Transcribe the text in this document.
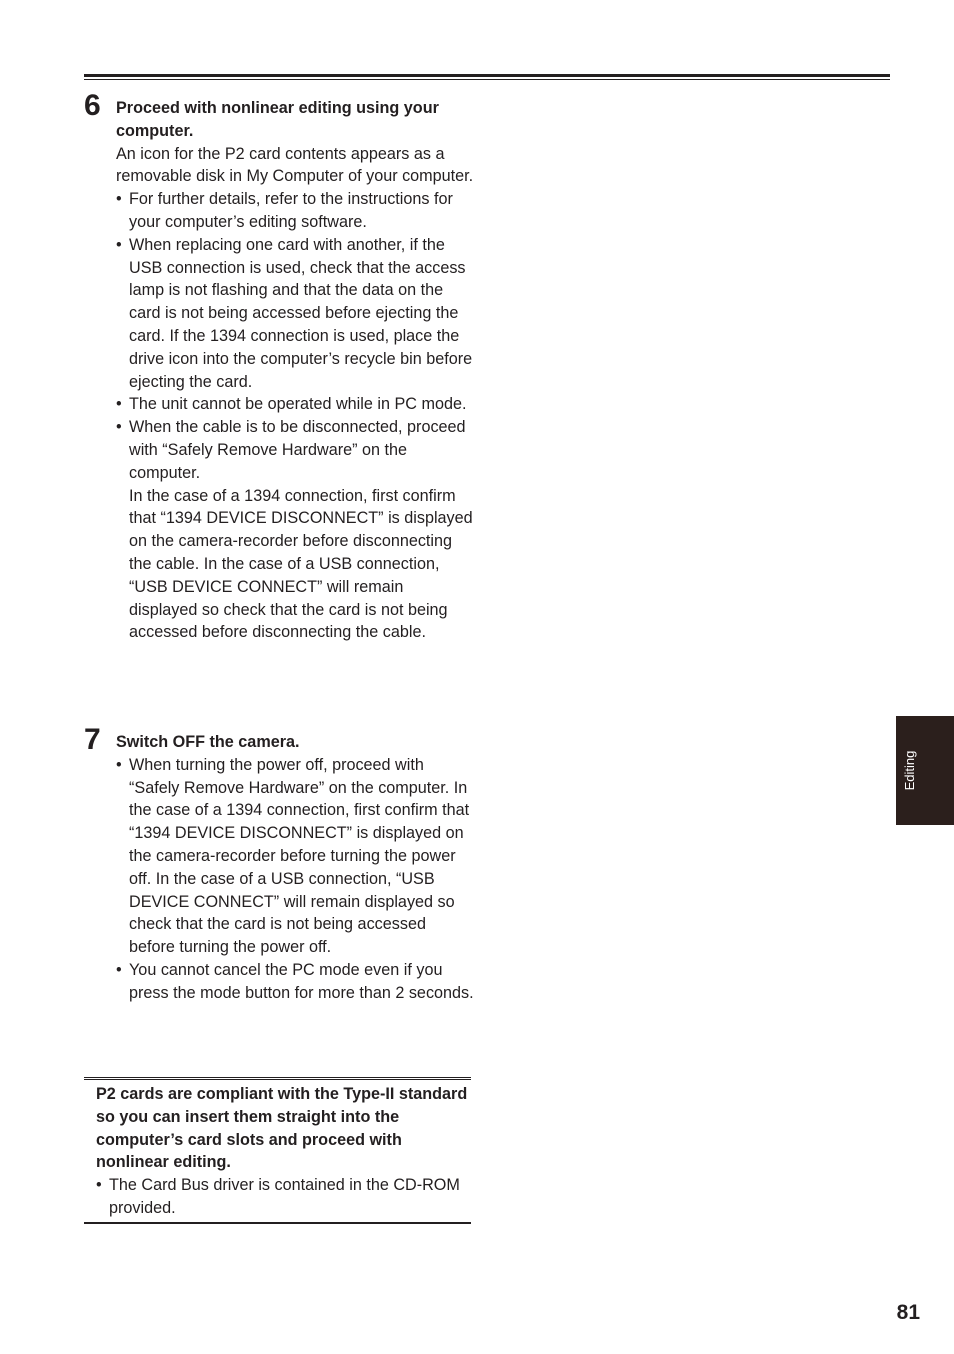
6 Proceed with nonlinear editing using your computer.

An icon for the P2 card contents appears as a removable disk in My Computer of your computer.

• For further details, refer to the instructions for your computer’s editing software.
• When replacing one card with another, if the USB connection is used, check that the access lamp is not flashing and that the data on the card is not being accessed before ejecting the card. If the 1394 connection is used, place the drive icon into the computer’s recycle bin before ejecting the card.
• The unit cannot be operated while in PC mode.
• When the cable is to be disconnected, proceed with “Safely Remove Hardware” on the computer.

In the case of a 1394 connection, first confirm that “1394 DEVICE DISCONNECT” is displayed on the camera-recorder before disconnecting the cable. In the case of a USB connection, “USB DEVICE CONNECT” will remain displayed so check that the card is not being accessed before disconnecting the cable.

7 Switch OFF the camera.

• When turning the power off, proceed with “Safely Remove Hardware” on the computer. In the case of a 1394 connection, first confirm that “1394 DEVICE DISCONNECT” is displayed on the camera-recorder before turning the power off. In the case of a USB connection, “USB DEVICE CONNECT” will remain displayed so check that the card is not being accessed before turning the power off.
• You cannot cancel the PC mode even if you press the mode button for more than 2 seconds.

P2 cards are compliant with the Type-II standard so you can insert them straight into the computer’s card slots and proceed with nonlinear editing.

• The Card Bus driver is contained in the CD-ROM provided.
Editing
81
